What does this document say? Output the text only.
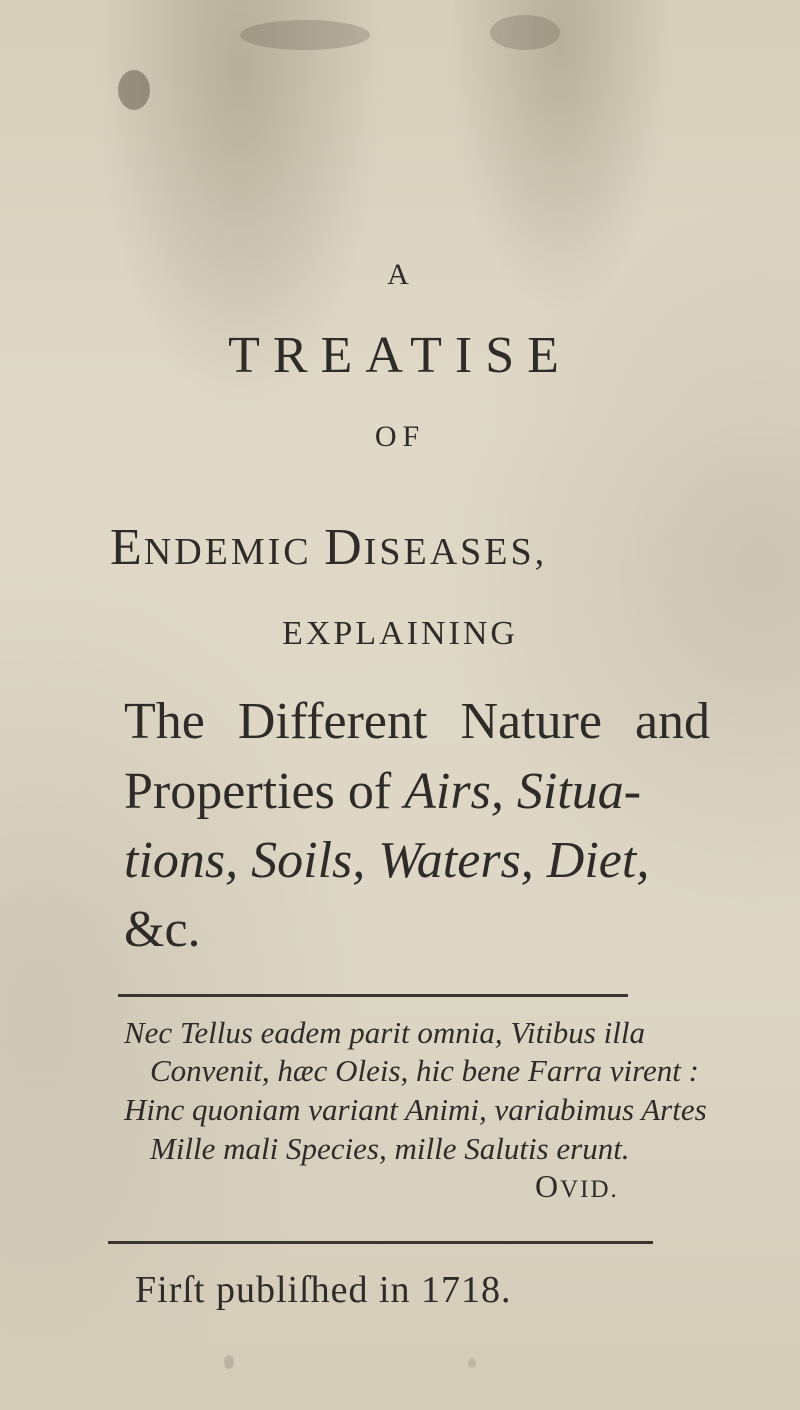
A
TREATISE
OF
ENDEMIC DISEASES,
EXPLAINING
The Different Nature and
Properties of Airs, Situa-
tions, Soils, Waters, Diet,
&c.
Nec Tellus eadem parit omnia, Vitibus illa
Convenit, hæc Oleis, hic bene Farra virent :
Hinc quoniam variant Animi, variabimus Artes
Mille mali Species, mille Salutis erunt.
OVID.
Firſt publiſhed in 1718.
